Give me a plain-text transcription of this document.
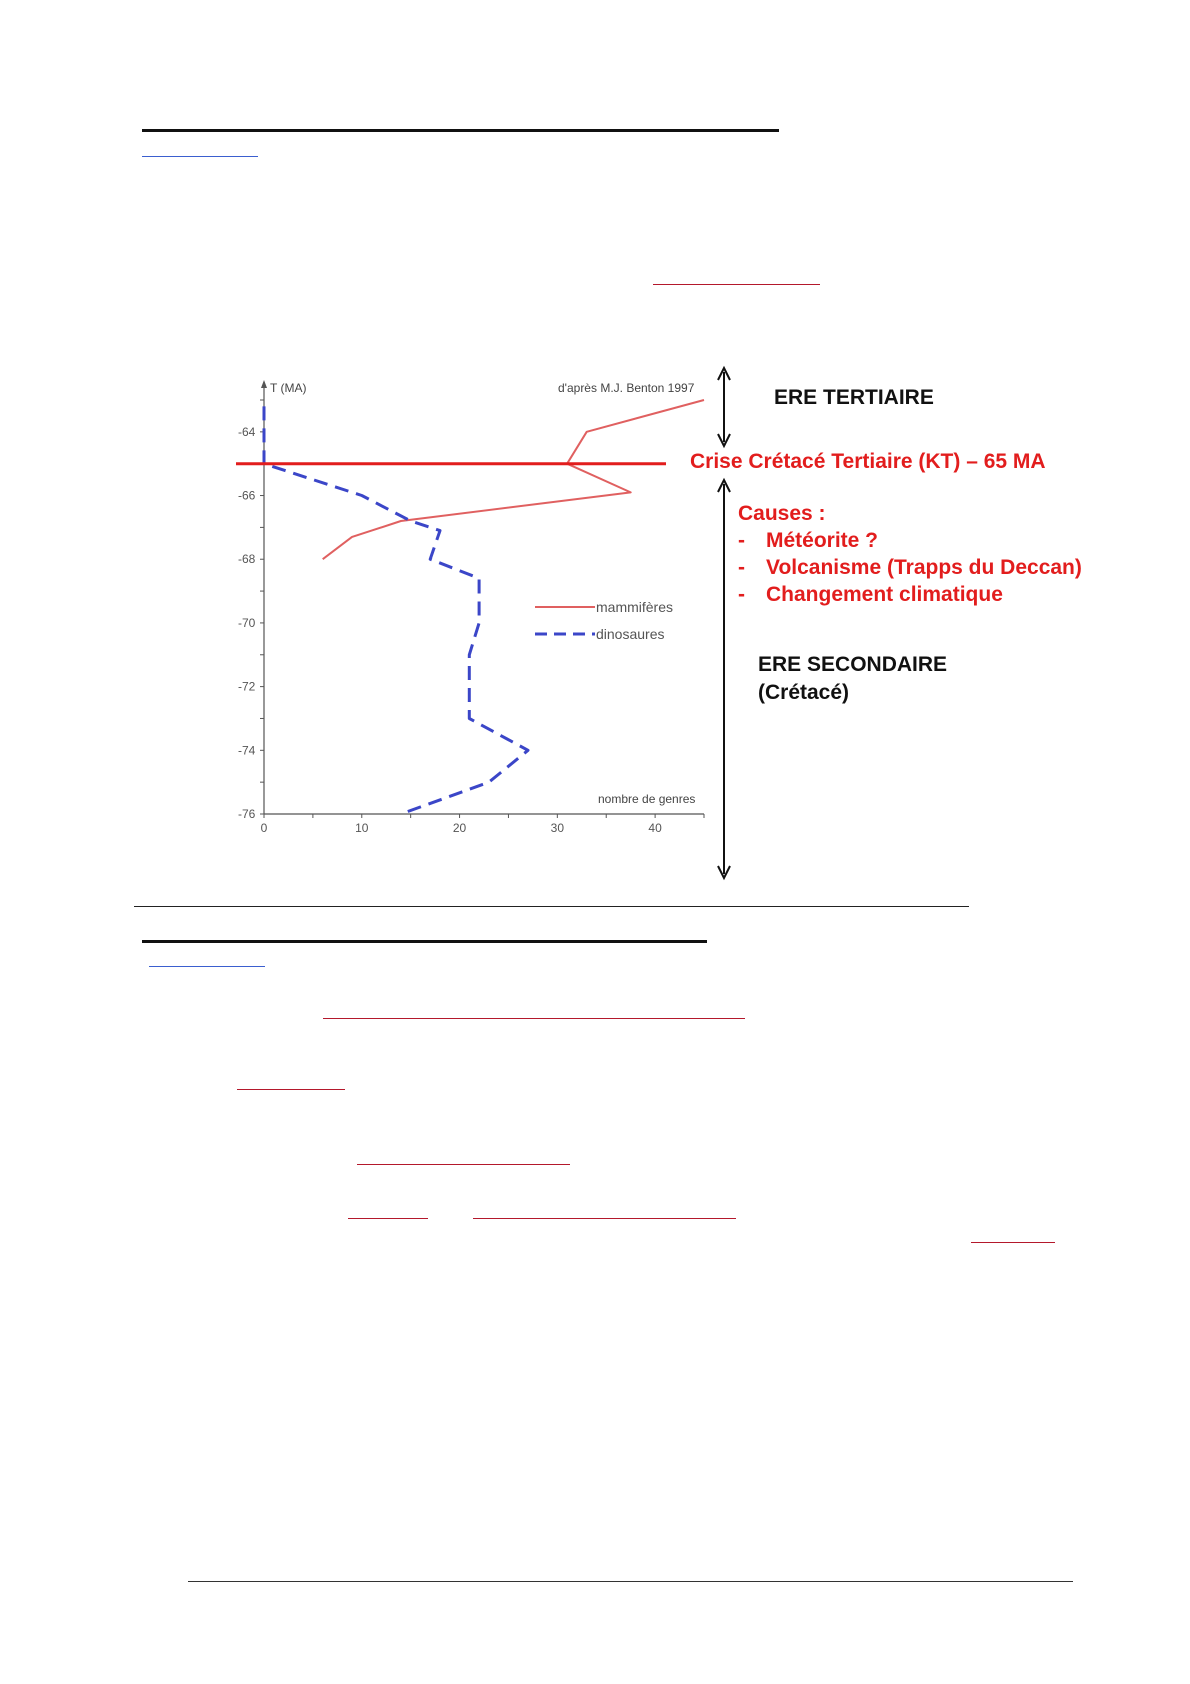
-64
-66
-68
-70
-72
-74
-76
0	10	20	30	40
d'après M.J. Benton 1997
T (MA)
nombre de genres
mammifères
dinosaures
ERE TERTIAIRE
Crise Crétacé Tertiaire (KT) – 65 MA
Causes :
- Météorite ?
- Volcanisme (Trapps du Deccan)
- Changement climatique
ERE SECONDAIRE
(Crétacé)
